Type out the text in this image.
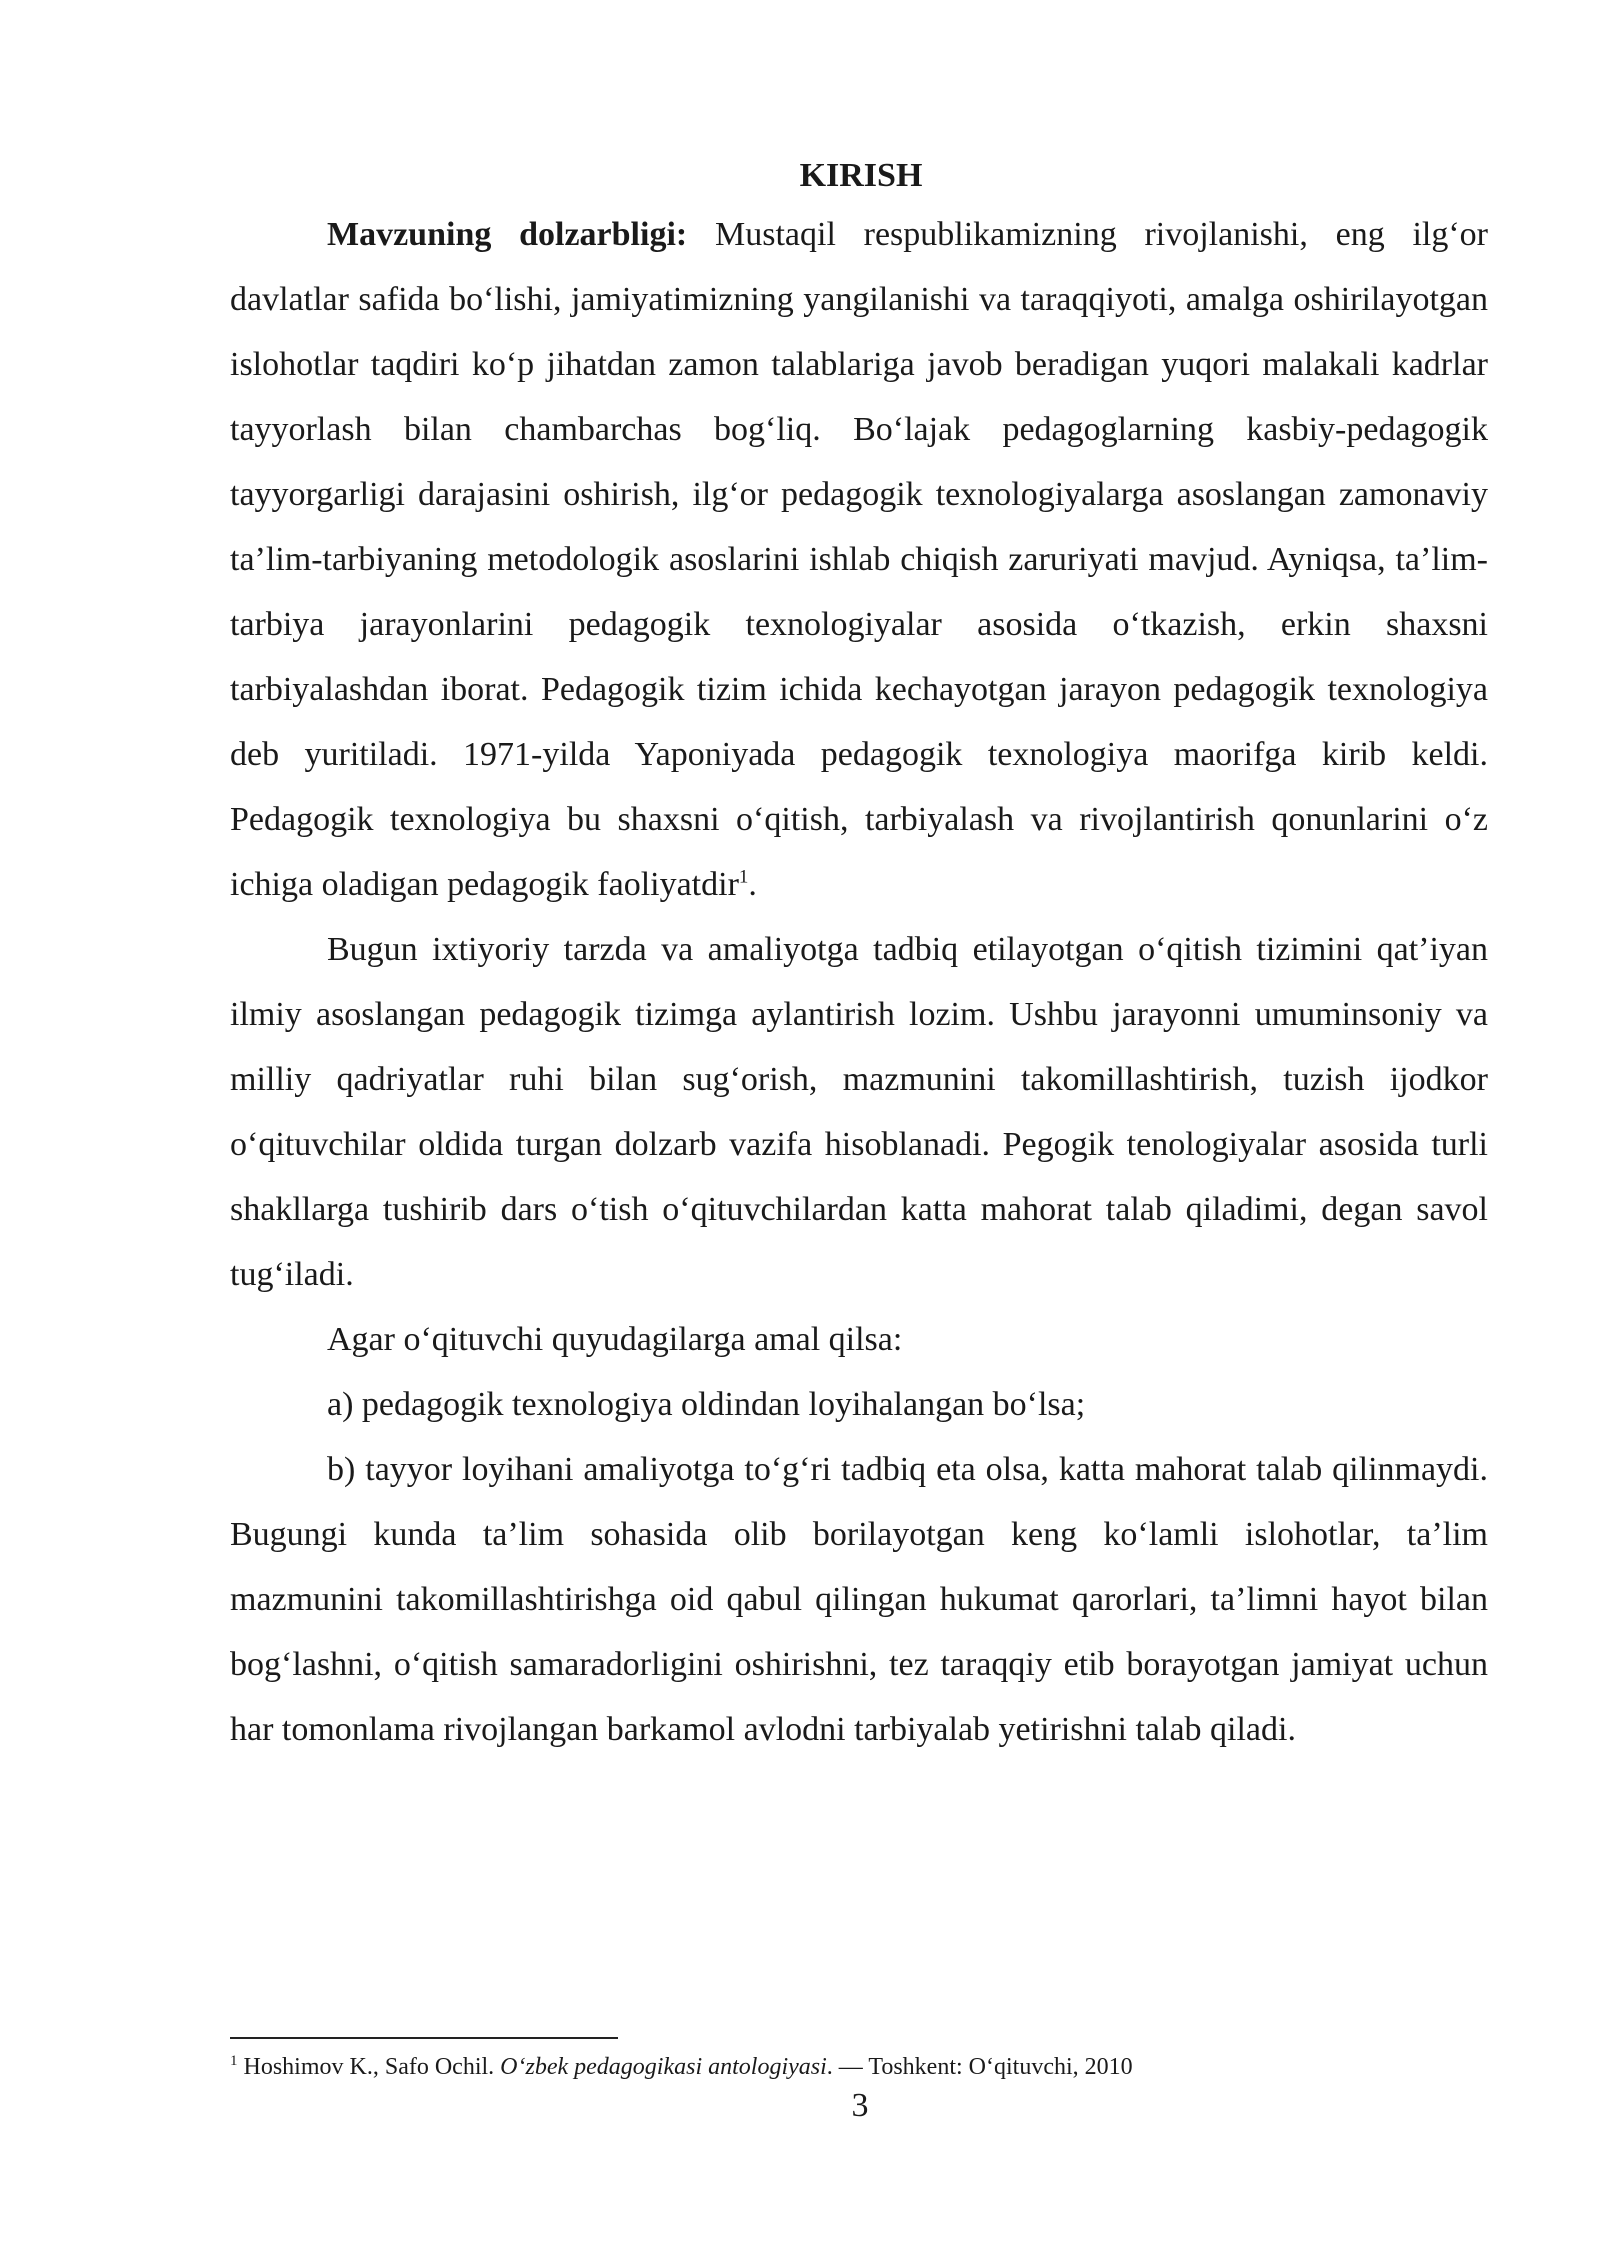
KIRISH

Mavzuning dolzarbligi: Mustaqil respublikamizning rivojlanishi, eng ilg‘or davlatlar safida bo‘lishi, jamiyatimizning yangilanishi va taraqqiyoti, amalga oshirilayotgan islohotlar taqdiri ko‘p jihatdan zamon talablariga javob beradigan yuqori malakali kadrlar tayyorlash bilan chambarchas bog‘liq. Bo‘lajak pedagoglarning kasbiy-pedagogik tayyorgarligi darajasini oshirish, ilg‘or pedagogik texnologiyalarga asoslangan zamonaviy ta’lim-tarbiyaning metodologik asoslarini ishlab chiqish zaruriyati mavjud. Ayniqsa, ta’lim-tarbiya jarayonlarini pedagogik texnologiyalar asosida o‘tkazish, erkin shaxsni tarbiyalashdan iborat. Pedagogik tizim ichida kechayotgan jarayon pedagogik texnologiya deb yuritiladi. 1971-yilda Yaponiyada pedagogik texnologiya maorifga kirib keldi. Pedagogik texnologiya bu shaxsni o‘qitish, tarbiyalash va rivojlantirish qonunlarini o‘z ichiga oladigan pedagogik faoliyatdir$^1$.

Bugun ixtiyoriy tarzda va amaliyotga tadbiq etilayotgan o‘qitish tizimini qat’iyan ilmiy asoslangan pedagogik tizimga aylantirish lozim. Ushbu jarayonni umuminsoniy va milliy qadriyatlar ruhi bilan sug‘orish, mazmunini takomillashtirish, tuzish ijodkor o‘qituvchilar oldida turgan dolzarb vazifa hisoblanadi. Pegogik tenologiyalar asosida turli shakllarga tushirib dars o‘tish o‘qituvchilardan katta mahorat talab qiladimi, degan savol tug‘iladi.

Agar o‘qituvchi quyudagilarga amal qilsa:

a) pedagogik texnologiya oldindan loyihalangan bo‘lsa;

b) tayyor loyihani amaliyotga to‘g‘ri tadbiq eta olsa, katta mahorat talab qilinmaydi. Bugungi kunda ta’lim sohasida olib borilayotgan keng ko‘lamli islohotlar, ta’lim mazmunini takomillashtirishga oid qabul qilingan hukumat qarorlari, ta’limni hayot bilan bog‘lashni, o‘qitish samaradorligini oshirishni, tez taraqqiy etib borayotgan jamiyat uchun har tomonlama rivojlangan barkamol avlodni tarbiyalab yetirishni talab qiladi.

$^1$ Hoshimov K., Safo Ochil. O‘zbek pedagogikasi antologiyasi. — Toshkent: O‘qituvchi, 2010
3
